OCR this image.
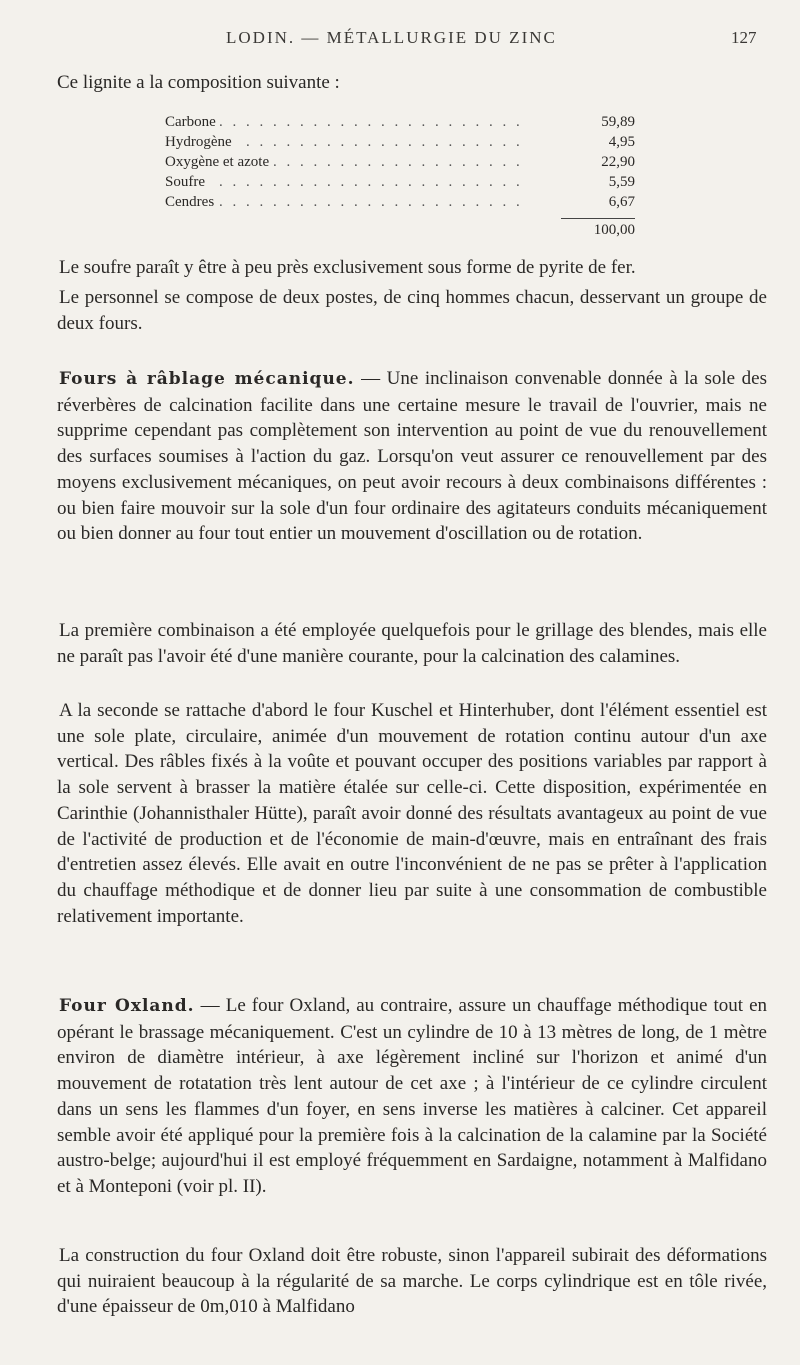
LODIN. — MÉTALLURGIE DU ZINC	127
Ce lignite a la composition suivante :
. . .
Carbone	59,89
. . .
Hydrogène	4,95
. . .
Oxygène et azote	22,90
. . .
Soufre	5,59
. . .
Cendres	6,67
100,00

Le soufre paraît y être à peu près exclusivement sous forme de pyrite de fer.

Le personnel se compose de deux postes, de cinq hommes chacun, desservant un groupe de deux fours.

Fours à râblage mécanique. — Une inclinaison convenable donnée à la sole des réverbères de calcination facilite dans une certaine mesure le travail de l'ouvrier, mais ne supprime cependant pas complètement son intervention au point de vue du renouvellement des surfaces soumises à l'action du gaz. Lorsqu'on veut assurer ce renouvellement par des moyens exclusivement mécaniques, on peut avoir recours à deux combinaisons différentes : ou bien faire mouvoir sur la sole d'un four ordinaire des agitateurs conduits mécaniquement ou bien donner au four tout entier un mouvement d'oscillation ou de rotation.

La première combinaison a été employée quelquefois pour le grillage des blendes, mais elle ne paraît pas l'avoir été d'une manière courante, pour la calcination des calamines.

A la seconde se rattache d'abord le four Kuschel et Hinterhuber, dont l'élément essentiel est une sole plate, circulaire, animée d'un mouvement de rotation continu autour d'un axe vertical. Des râbles fixés à la voûte et pouvant occuper des positions variables par rapport à la sole servent à brasser la matière étalée sur celle-ci. Cette disposition, expérimentée en Carinthie (Johannisthaler Hütte), paraît avoir donné des résultats avantageux au point de vue de l'activité de production et de l'économie de main-d'œuvre, mais en entraînant des frais d'entretien assez élevés. Elle avait en outre l'inconvénient de ne pas se prêter à l'application du chauffage méthodique et de donner lieu par suite à une consommation de combustible relativement importante.

Four Oxland. — Le four Oxland, au contraire, assure un chauffage méthodique tout en opérant le brassage mécaniquement. C'est un cylindre de 10 à 13 mètres de long, de 1 mètre environ de diamètre intérieur, à axe légèrement incliné sur l'horizon et animé d'un mouvement de rotatation très lent autour de cet axe ; à l'intérieur de ce cylindre circulent dans un sens les flammes d'un foyer, en sens inverse les matières à calciner. Cet appareil semble avoir été appliqué pour la première fois à la calcination de la calamine par la Société austro-belge; aujourd'hui il est employé fréquemment en Sardaigne, notamment à Malfidano et à Monteponi (voir pl. II).

La construction du four Oxland doit être robuste, sinon l'appareil subirait des déformations qui nuiraient beaucoup à la régularité de sa marche. Le corps cylindrique est en tôle rivée, d'une épaisseur de 0m,010 à Malfidano
